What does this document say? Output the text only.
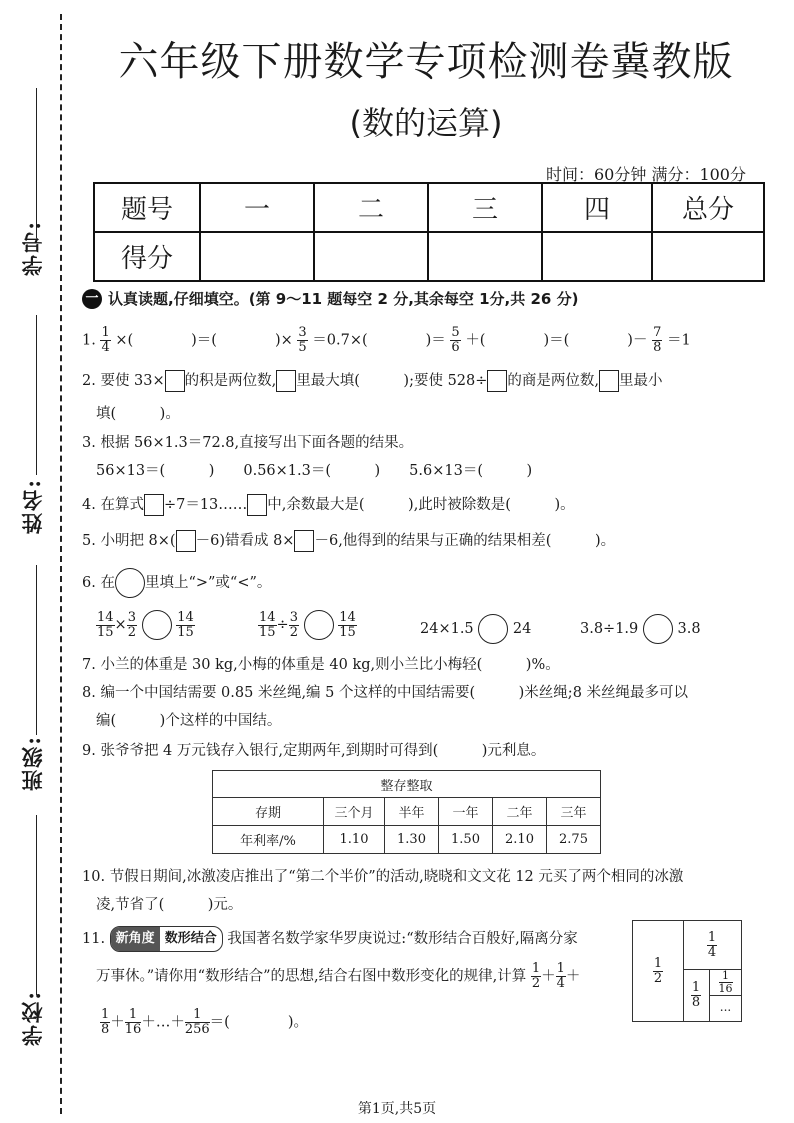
学号:
姓名:
班级:
学校:
六年级下册数学专项检测卷冀教版
(数的运算)
时间：60分钟 满分：100分
题号	一	二	三	四	总分
得分					
一 认真读题,仔细填空。(第 9～11 题每空 2 分,其余每空 1分,共 26 分)
1. $\frac{1}{4}$ ×(　　　　)＝(　　　　)× $\frac{3}{5} =0.7\times$(　　　　)＝ $\frac{5}{6}$ ＋(　　　　)＝(　　　　)－ $\frac{7}{8} =1$
2. 要使 33× 的积是两位数, 里最大填(　　　);要使 528÷ 的商是两位数, 里最小
填(　　　)。
3. 根据 56×1.3＝72.8,直接写出下面各题的结果。
56×13＝(　　　)　　0.56×1.3＝(　　　)　　5.6×13＝(　　　)
4. 在算式 ÷7＝13…… 中,余数最大是(　　　),此时被除数是(　　　)。
5. 小明把 8×( －6)错看成 8× －6,他得到的结果与正确的结果相差(　　　)。
6. 在 里填上“>”或“<”。
$\frac{14}{15} \times \frac{3}{2}$
	$\frac{14}{15}$	$\frac{14}{15} \div \frac{3}{2}$
	$\frac{14}{15}$	24×1.5	24	3.8÷1.9	3.8
7. 小兰的体重是 30 kg,小梅的体重是 40 kg,则小兰比小梅轻(　　　)%。
8. 编一个中国结需要 0.85 米丝绳,编 5 个这样的中国结需要(　　　)米丝绳;8 米丝绳最多可以
编(　　　)个这样的中国结。
9. 张爷爷把 4 万元钱存入银行,定期两年,到期时可得到(　　　)元利息。
整存整取					
存期	三个月	半年	一年	二年	三年
年利率/%	1.10	1.30	1.50	2.10	2.75
10. 节假日期间,冰激凌店推出了“第二个半价”的活动,晓晓和文文花 12 元买了两个相同的冰激
凌,节省了(　　　)元。
11. 新角度 数形结合 我国著名数学家华罗庚说过:“数形结合百般好,隔离分家
万事休。”请你用“数形结合”的思想,结合右图中数形变化的规律,计算 $\frac{1}{2} + \frac{1}{4}$ ＋
$\frac{1}{8} + \frac{1}{16}$ ＋…＋ $\frac{1}{256}$ ＝(　　　　)。
1
2
1
4
1
8
1
16
...
第1页,共5页
